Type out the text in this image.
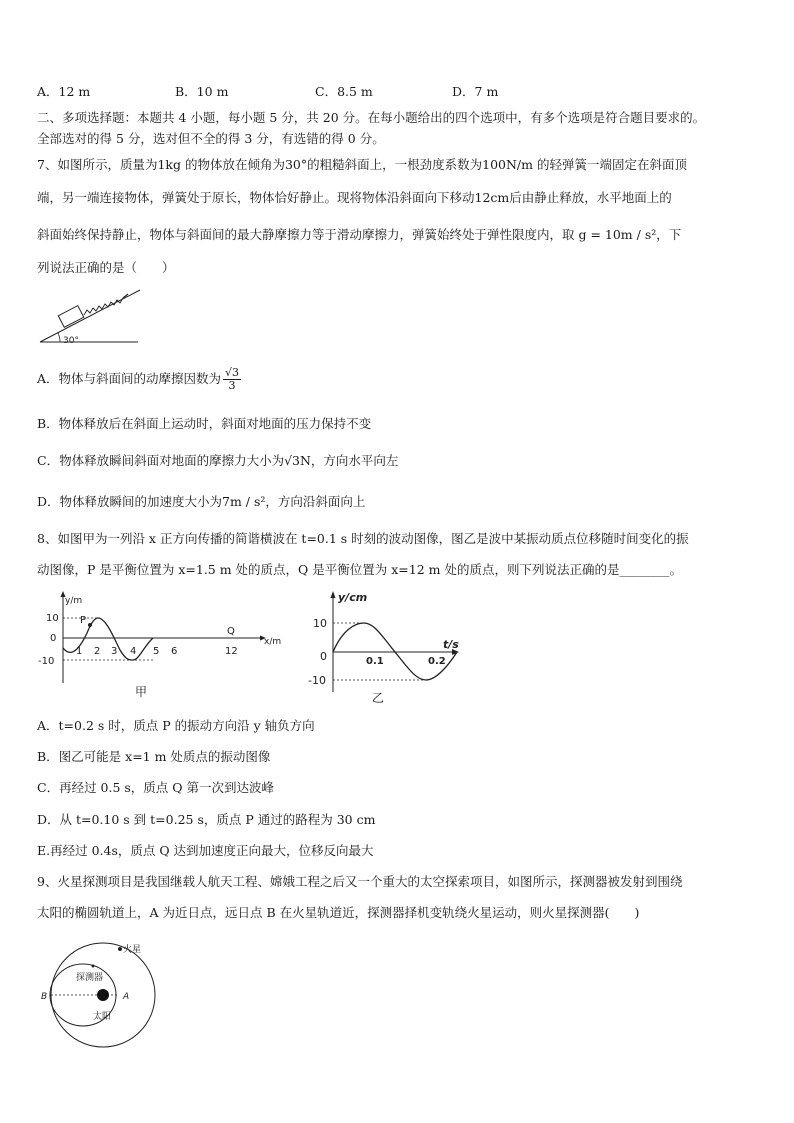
A．12 m	B．10 m	C．8.5 m	D．7 m
二、多项选择题：本题共 4 小题，每小题 5 分，共 20 分。在每小题给出的四个选项中，有多个选项是符合题目要求的。
全部选对的得 5 分，选对但不全的得 3 分，有选错的得 0 分。
7、如图所示，质量为1kg 的物体放在倾角为30°的粗糙斜面上，一根劲度系数为100N/m 的轻弹簧一端固定在斜面顶
端，另一端连接物体，弹簧处于原长，物体恰好静止。现将物体沿斜面向下移动12cm后由静止释放，水平地面上的
斜面始终保持静止，物体与斜面间的最大静摩擦力等于滑动摩擦力，弹簧始终处于弹性限度内，取 g = 10m / s²，下
列说法正确的是（　　）
30°
A．物体与斜面间的动摩擦因数为 $\frac{√3}{3}$
B．物体释放后在斜面上运动时，斜面对地面的压力保持不变
C．物体释放瞬间斜面对地面的摩擦力大小为√3N，方向水平向左
D．物体释放瞬间的加速度大小为7m / s²，方向沿斜面向上
8、如图甲为一列沿 x 正方向传播的简谐横波在 t=0.1 s 时刻的波动图像，图乙是波中某振动质点位移随时间变化的振
动图像，P 是平衡位置为 x=1.5 m 处的质点，Q 是平衡位置为 x=12 m 处的质点，则下列说法正确的是________。
y/m
x/m
10
0
-10
P
Q
1 2 3 4 5 6	12
甲
y/cm
t/s
10
0
-10
0.1	0.2
乙
A．t=0.2 s 时，质点 P 的振动方向沿 y 轴负方向
B．图乙可能是 x=1 m 处质点的振动图像
C．再经过 0.5 s，质点 Q 第一次到达波峰
D．从 t=0.10 s 到 t=0.25 s，质点 P 通过的路程为 30 cm
E.再经过 0.4s，质点 Q 达到加速度正向最大，位移反向最大
9、火星探测项目是我国继载人航天工程、嫦娥工程之后又一个重大的太空探索项目，如图所示，探测器被发射到围绕
太阳的椭圆轨道上，A 为近日点，远日点 B 在火星轨道近，探测器择机变轨绕火星运动，则火星探测器(　　)
火星
探测器
太阳
A
B
